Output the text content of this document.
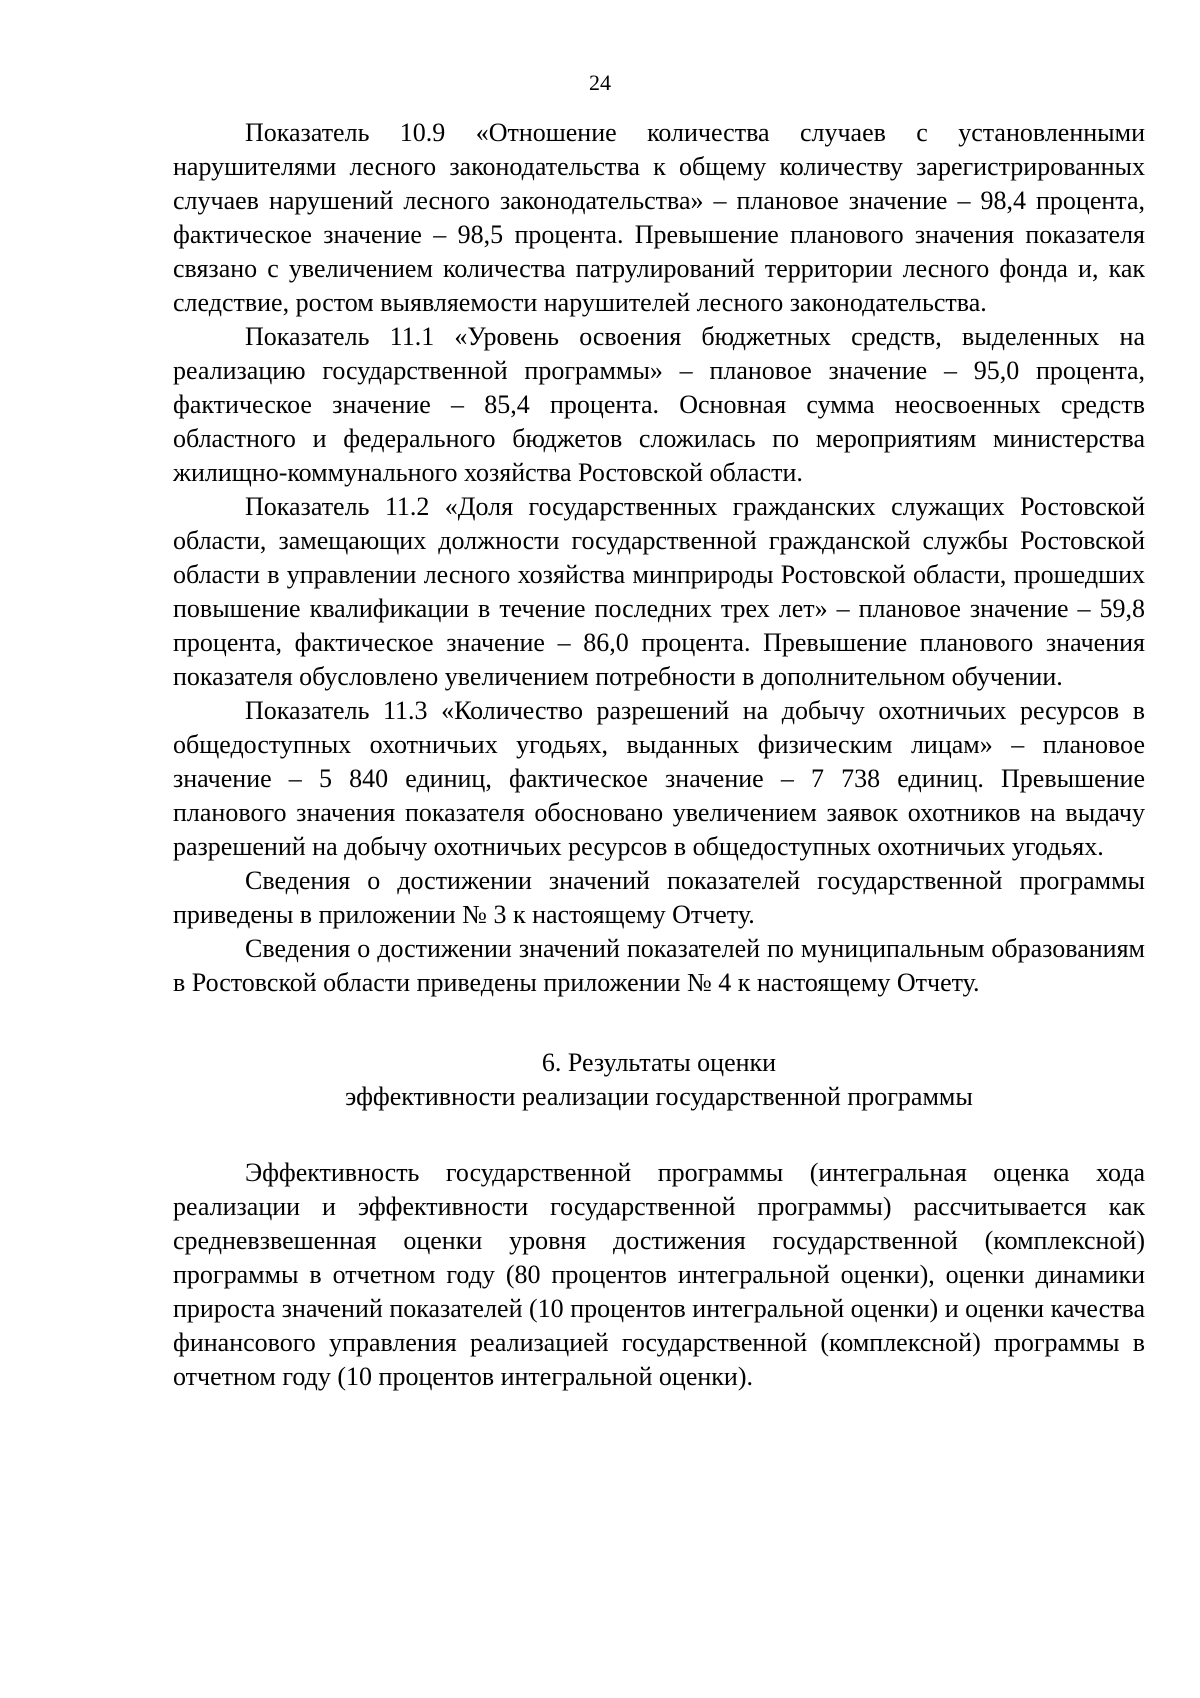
24

Показатель 10.9 «Отношение количества случаев с установленными нарушителями лесного законодательства к общему количеству зарегистрированных случаев нарушений лесного законодательства» – плановое значение – 98,4 процента, фактическое значение – 98,5 процента. Превышение планового значения показателя связано с увеличением количества патрулирований территории лесного фонда и, как следствие, ростом выявляемости нарушителей лесного законодательства.

Показатель 11.1 «Уровень освоения бюджетных средств, выделенных на реализацию государственной программы» – плановое значение – 95,0 процента, фактическое значение – 85,4 процента. Основная сумма неосвоенных средств областного и федерального бюджетов сложилась по мероприятиям министерства жилищно-коммунального хозяйства Ростовской области.

Показатель 11.2 «Доля государственных гражданских служащих Ростовской области, замещающих должности государственной гражданской службы Ростовской области в управлении лесного хозяйства минприроды Ростовской области, прошедших повышение квалификации в течение последних трех лет» – плановое значение – 59,8 процента, фактическое значение – 86,0 процента. Превышение планового значения показателя обусловлено увеличением потребности в дополнительном обучении.

Показатель 11.3 «Количество разрешений на добычу охотничьих ресурсов в общедоступных охотничьих угодьях, выданных физическим лицам» – плановое значение – 5 840 единиц, фактическое значение – 7 738 единиц. Превышение планового значения показателя обосновано увеличением заявок охотников на выдачу разрешений на добычу охотничьих ресурсов в общедоступных охотничьих угодьях.

Сведения о достижении значений показателей государственной программы приведены в приложении № 3 к настоящему Отчету.

Сведения о достижении значений показателей по муниципальным образованиям в Ростовской области приведены приложении № 4 к настоящему Отчету.

6. Результаты оценки
эффективности реализации государственной программы

Эффективность государственной программы (интегральная оценка хода реализации и эффективности государственной программы) рассчитывается как средневзвешенная оценки уровня достижения государственной (комплексной) программы в отчетном году (80 процентов интегральной оценки), оценки динамики прироста значений показателей (10 процентов интегральной оценки) и оценки качества финансового управления реализацией государственной (комплексной) программы в отчетном году (10 процентов интегральной оценки).
